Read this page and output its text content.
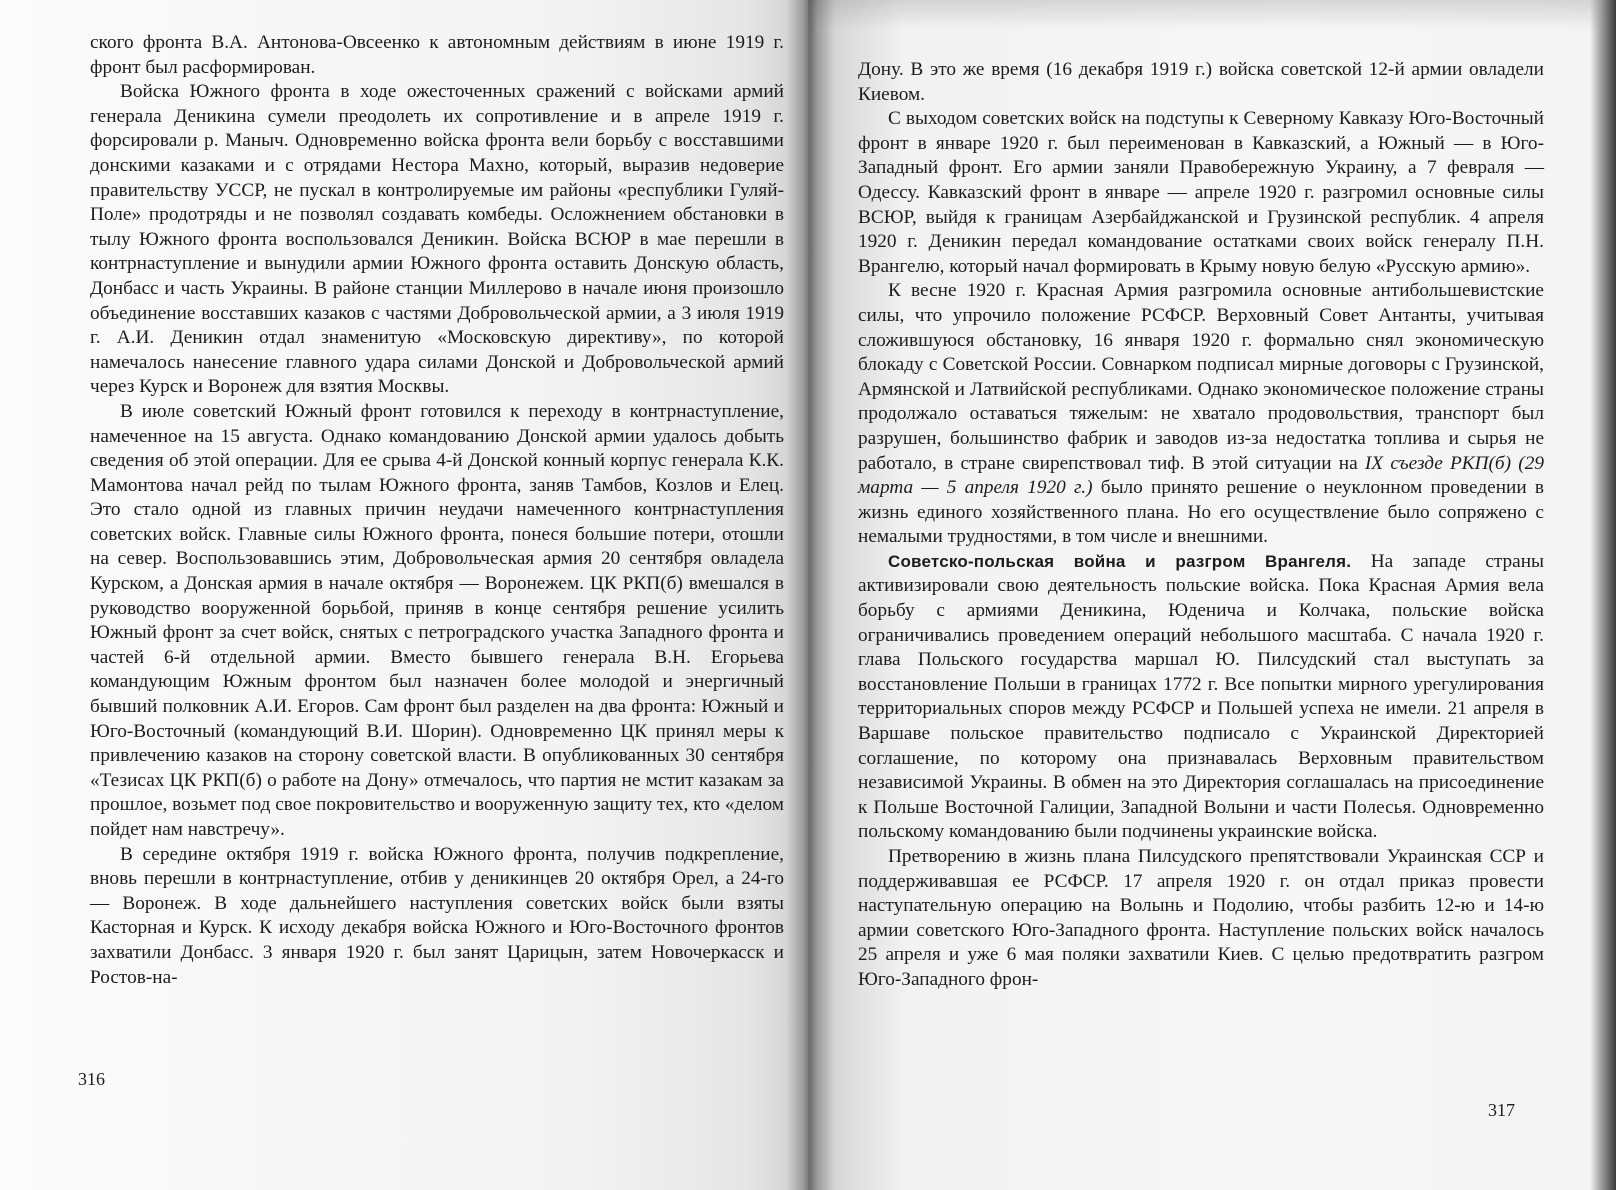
ского фронта В.А. Антонова-Овсеенко к автономным действиям в июне 1919 г. фронт был расформирован.

Войска Южного фронта в ходе ожесточенных сражений с войсками армий генерала Деникина сумели преодолеть их сопротивление и в апреле 1919 г. форсировали р. Маныч. Одновременно войска фронта вели борьбу с восставшими донскими казаками и с отрядами Нестора Махно, который, выразив недоверие правительству УССР, не пускал в контролируемые им районы «республики Гуляй-Поле» продотряды и не позволял создавать комбеды. Осложнением обстановки в тылу Южного фронта воспользовался Деникин. Войска ВСЮР в мае перешли в контрнаступление и вынудили армии Южного фронта оставить Донскую область, Донбасс и часть Украины. В районе станции Миллерово в начале июня произошло объединение восставших казаков с частями Добровольческой армии, а 3 июля 1919 г. А.И. Деникин отдал знаменитую «Московскую директиву», по которой намечалось нанесение главного удара силами Донской и Добровольческой армий через Курск и Воронеж для взятия Москвы.

В июле советский Южный фронт готовился к переходу в контрнаступление, намеченное на 15 августа. Однако командованию Донской армии удалось добыть сведения об этой операции. Для ее срыва 4-й Донской конный корпус генерала К.К. Мамонтова начал рейд по тылам Южного фронта, заняв Тамбов, Козлов и Елец. Это стало одной из главных причин неудачи намеченного контрнаступления советских войск. Главные силы Южного фронта, понеся большие потери, отошли на север. Воспользовавшись этим, Добровольческая армия 20 сентября овладела Курском, а Донская армия в начале октября — Воронежем. ЦК РКП(б) вмешался в руководство вооруженной борьбой, приняв в конце сентября решение усилить Южный фронт за счет войск, снятых с петроградского участка Западного фронта и частей 6-й отдельной армии. Вместо бывшего генерала В.Н. Егорьева командующим Южным фронтом был назначен более молодой и энергичный бывший полковник А.И. Егоров. Сам фронт был разделен на два фронта: Южный и Юго-Восточный (командующий В.И. Шорин). Одновременно ЦК принял меры к привлечению казаков на сторону советской власти. В опубликованных 30 сентября «Тезисах ЦК РКП(б) о работе на Дону» отмечалось, что партия не мстит казакам за прошлое, возьмет под свое покровительство и вооруженную защиту тех, кто «делом пойдет нам навстречу».

В середине октября 1919 г. войска Южного фронта, получив подкрепление, вновь перешли в контрнаступление, отбив у деникинцев 20 октября Орел, а 24-го — Воронеж. В ходе дальнейшего наступления советских войск были взяты Касторная и Курск. К исходу декабря войска Южного и Юго-Восточного фронтов захватили Донбасс. 3 января 1920 г. был занят Царицын, затем Новочеркасск и Ростов-на-

316

Дону. В это же время (16 декабря 1919 г.) войска советской 12-й армии овладели Киевом.

С выходом советских войск на подступы к Северному Кавказу Юго-Восточный фронт в январе 1920 г. был переименован в Кавказский, а Южный — в Юго-Западный фронт. Его армии заняли Правобережную Украину, а 7 февраля — Одессу. Кавказский фронт в январе — апреле 1920 г. разгромил основные силы ВСЮР, выйдя к границам Азербайджанской и Грузинской республик. 4 апреля 1920 г. Деникин передал командование остатками своих войск генералу П.Н. Врангелю, который начал формировать в Крыму новую белую «Русскую армию».

К весне 1920 г. Красная Армия разгромила основные антибольшевистские силы, что упрочило положение РСФСР. Верховный Совет Антанты, учитывая сложившуюся обстановку, 16 января 1920 г. формально снял экономическую блокаду с Советской России. Совнарком подписал мирные договоры с Грузинской, Армянской и Латвийской республиками. Однако экономическое положение страны продолжало оставаться тяжелым: не хватало продовольствия, транспорт был разрушен, большинство фабрик и заводов из-за недостатка топлива и сырья не работало, в стране свирепствовал тиф. В этой ситуации на IX съезде РКП(б) (29 марта — 5 апреля 1920 г.) было принято решение о неуклонном проведении в жизнь единого хозяйственного плана. Но его осуществление было сопряжено с немалыми трудностями, в том числе и внешними.

Советско-польская война и разгром Врангеля. На западе страны активизировали свою деятельность польские войска. Пока Красная Армия вела борьбу с армиями Деникина, Юденича и Колчака, польские войска ограничивались проведением операций небольшого масштаба. С начала 1920 г. глава Польского государства маршал Ю. Пилсудский стал выступать за восстановление Польши в границах 1772 г. Все попытки мирного урегулирования территориальных споров между РСФСР и Польшей успеха не имели. 21 апреля в Варшаве польское правительство подписало с Украинской Директорией соглашение, по которому она признавалась Верховным правительством независимой Украины. В обмен на это Директория соглашалась на присоединение к Польше Восточной Галиции, Западной Волыни и части Полесья. Одновременно польскому командованию были подчинены украинские войска.

Претворению в жизнь плана Пилсудского препятствовали Украинская ССР и поддерживавшая ее РСФСР. 17 апреля 1920 г. он отдал приказ провести наступательную операцию на Волынь и Подолию, чтобы разбить 12-ю и 14-ю армии советского Юго-Западного фронта. Наступление польских войск началось 25 апреля и уже 6 мая поляки захватили Киев. С целью предотвратить разгром Юго-Западного фрон-

317
